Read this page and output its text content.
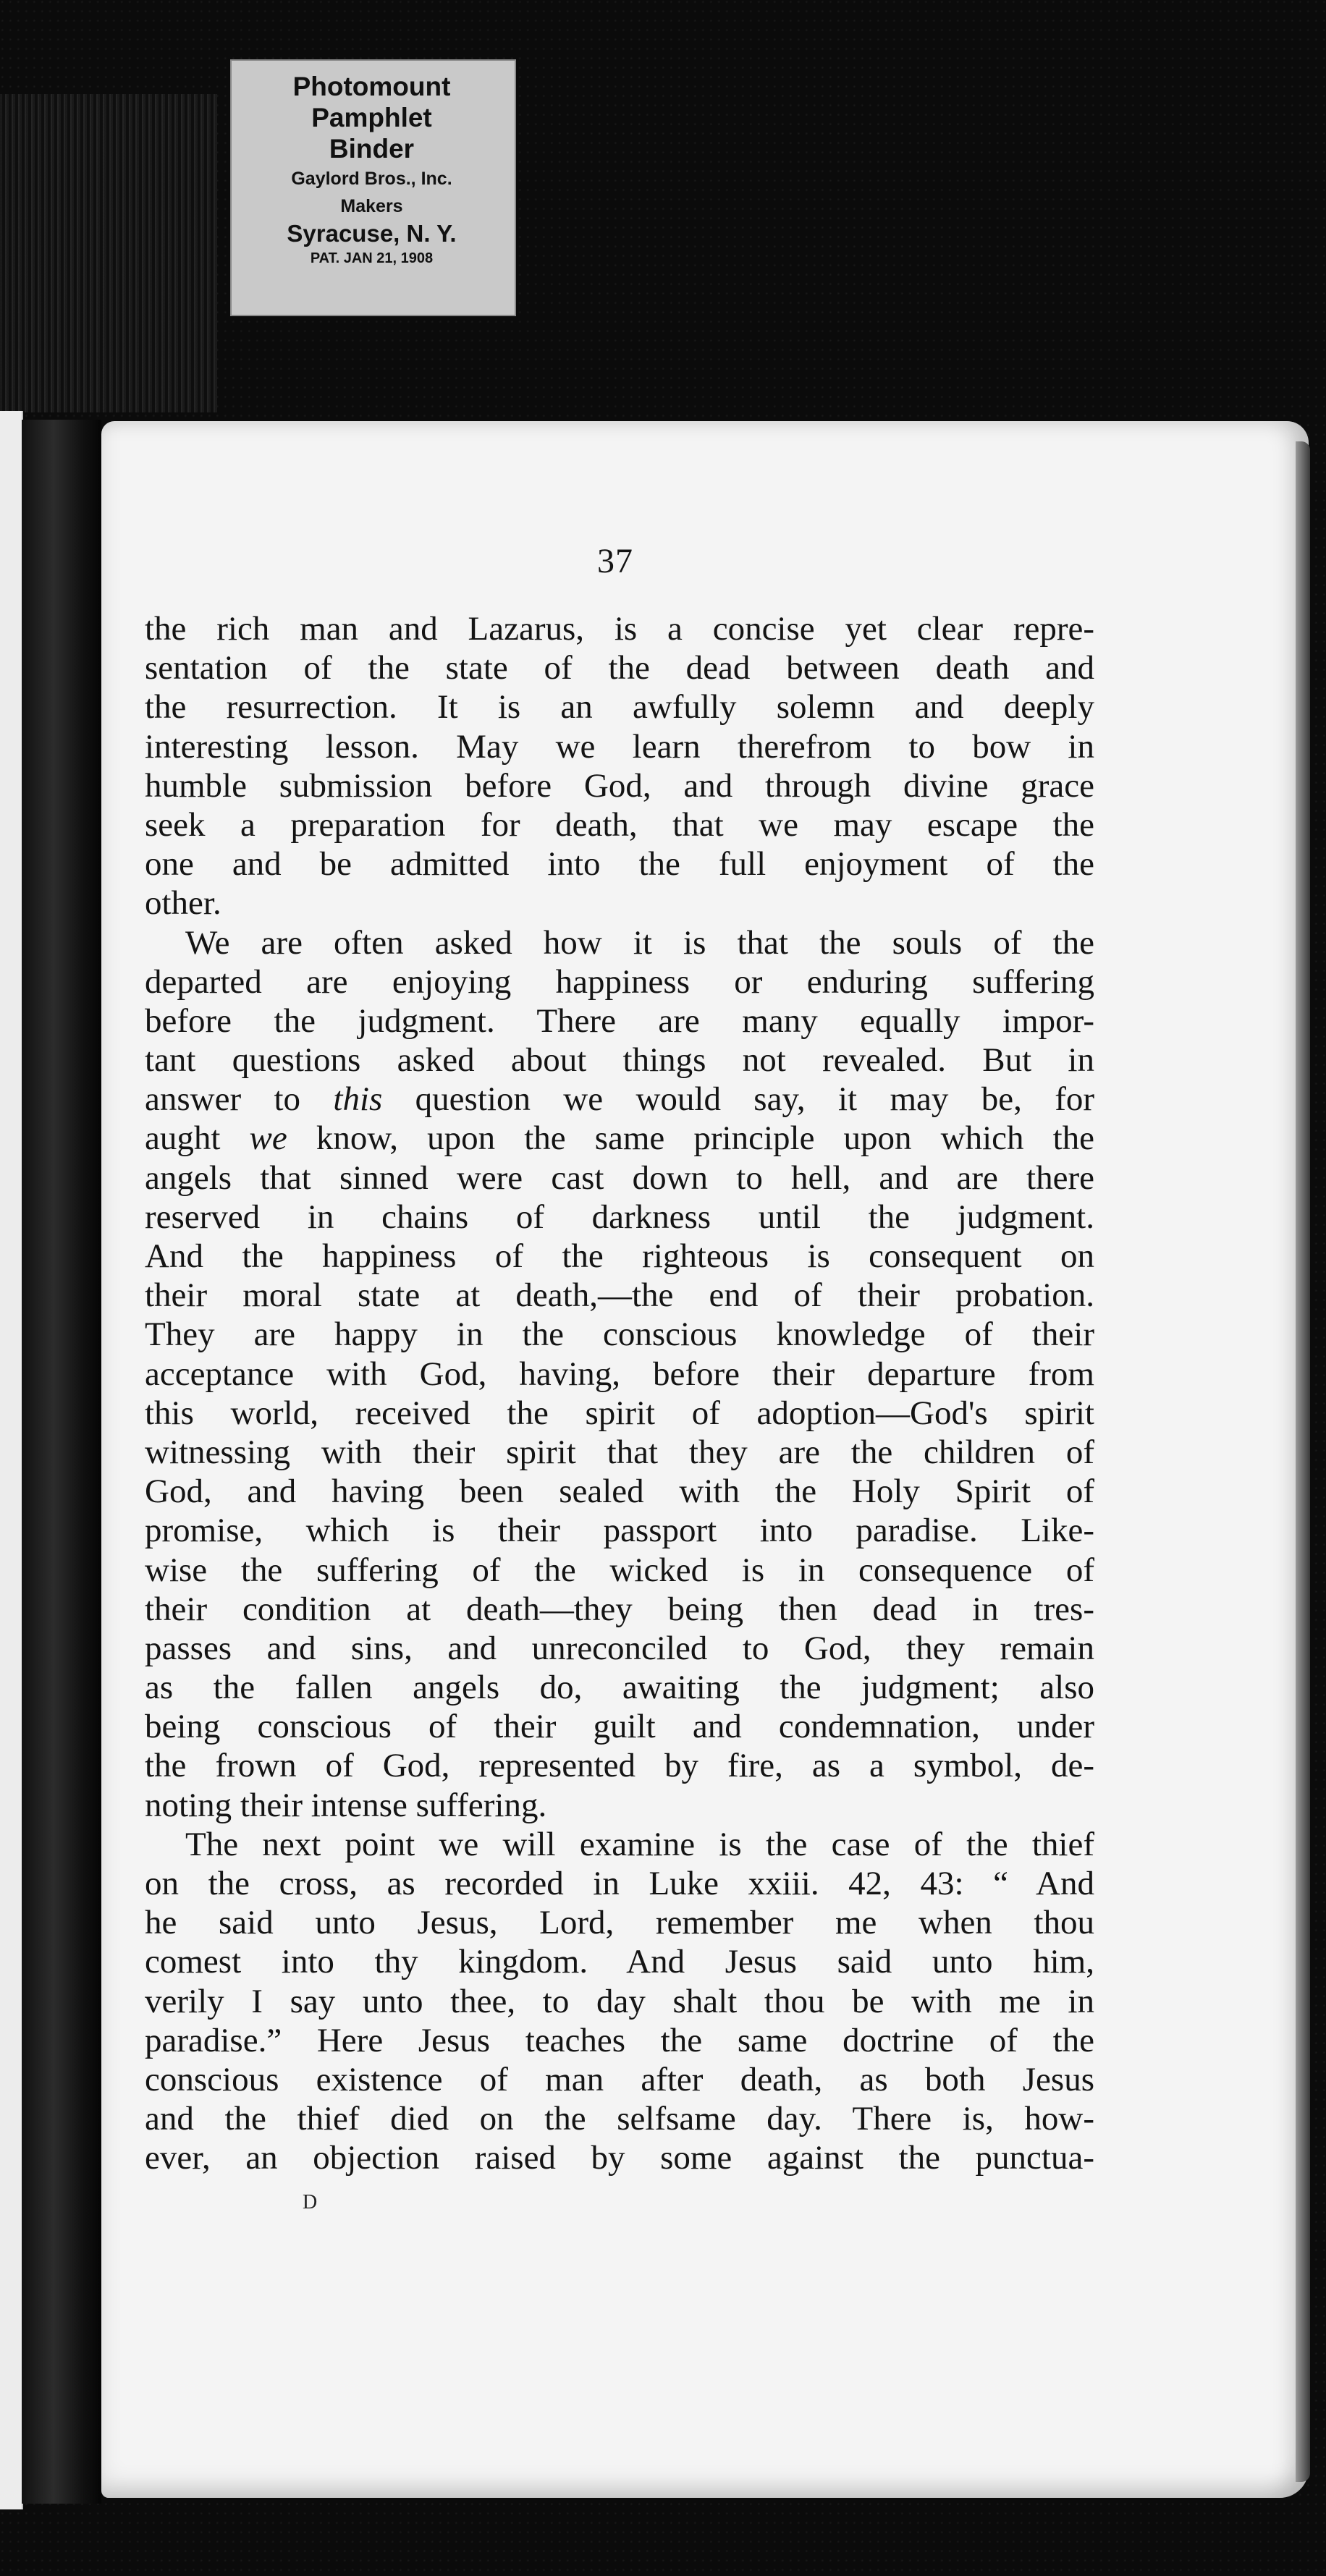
Photomount
Pamphlet
Binder
Gaylord Bros., Inc.
Makers
Syracuse, N. Y.
PAT. JAN 21, 1908
37
the rich man and Lazarus, is a concise yet clear repre-
sentation of the state of the dead between death and
the resurrection. It is an awfully solemn and deeply
interesting lesson. May we learn therefrom to bow in
humble submission before God, and through divine grace
seek a preparation for death, that we may escape the
one and be admitted into the full enjoyment of the
other.
We are often asked how it is that the souls of the
departed are enjoying happiness or enduring suffering
before the judgment. There are many equally impor-
tant questions asked about things not revealed. But in
answer to this question we would say, it may be, for
aught we know, upon the same principle upon which the
angels that sinned were cast down to hell, and are there
reserved in chains of darkness until the judgment.
And the happiness of the righteous is consequent on
their moral state at death,—the end of their probation.
They are happy in the conscious knowledge of their
acceptance with God, having, before their departure from
this world, received the spirit of adoption—God's spirit
witnessing with their spirit that they are the children of
God, and having been sealed with the Holy Spirit of
promise, which is their passport into paradise. Like-
wise the suffering of the wicked is in consequence of
their condition at death—they being then dead in tres-
passes and sins, and unreconciled to God, they remain
as the fallen angels do, awaiting the judgment; also
being conscious of their guilt and condemnation, under
the frown of God, represented by fire, as a symbol, de-
noting their intense suffering.
The next point we will examine is the case of the thief
on the cross, as recorded in Luke xxiii. 42, 43: “ And
he said unto Jesus, Lord, remember me when thou
comest into thy kingdom. And Jesus said unto him,
verily I say unto thee, to day shalt thou be with me in
paradise.” Here Jesus teaches the same doctrine of the
conscious existence of man after death, as both Jesus
and the thief died on the selfsame day. There is, how-
ever, an objection raised by some against the punctua-
D
